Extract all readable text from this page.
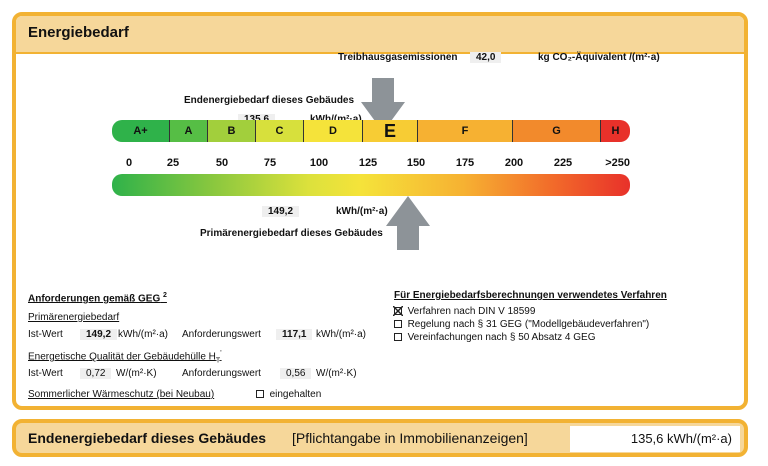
Energiebedarf
Treibhausgasemissionen	42,0	kg CO₂-Äquivalent /(m²·a)
Endenergiebedarf dieses Gebäudes
A+	A	B	C	D	E	F	G	H
0	25	50	75	100	125	150	175	200	225	>250
149,2	kWh/(m²·a)
Primärenergiebedarf dieses Gebäudes
Anforderungen gemäß GEG $^2$
Primärenergiebedarf
Ist-Wert	149,2 kWh/(m²·a) Anforderungswert	117,1 kWh/(m²·a)
Energetische Qualität der Gebäudehülle $H_T'$
Ist-Wert	0,72	W/(m²·K)	Anforderungswert	0,56	W/(m²·K)
Sommerlicher Wärmeschutz (bei Neubau)	eingehalten
Für Energiebedarfsberechnungen verwendetes Verfahren
Verfahren nach DIN V 18599
Regelung nach § 31 GEG ("Modellgebäudeverfahren")
Vereinfachungen nach § 50 Absatz 4 GEG
Endenergiebedarf dieses Gebäudes [Pflichtangabe in Immobilienanzeigen]	135,6 kWh/(m²·a)
